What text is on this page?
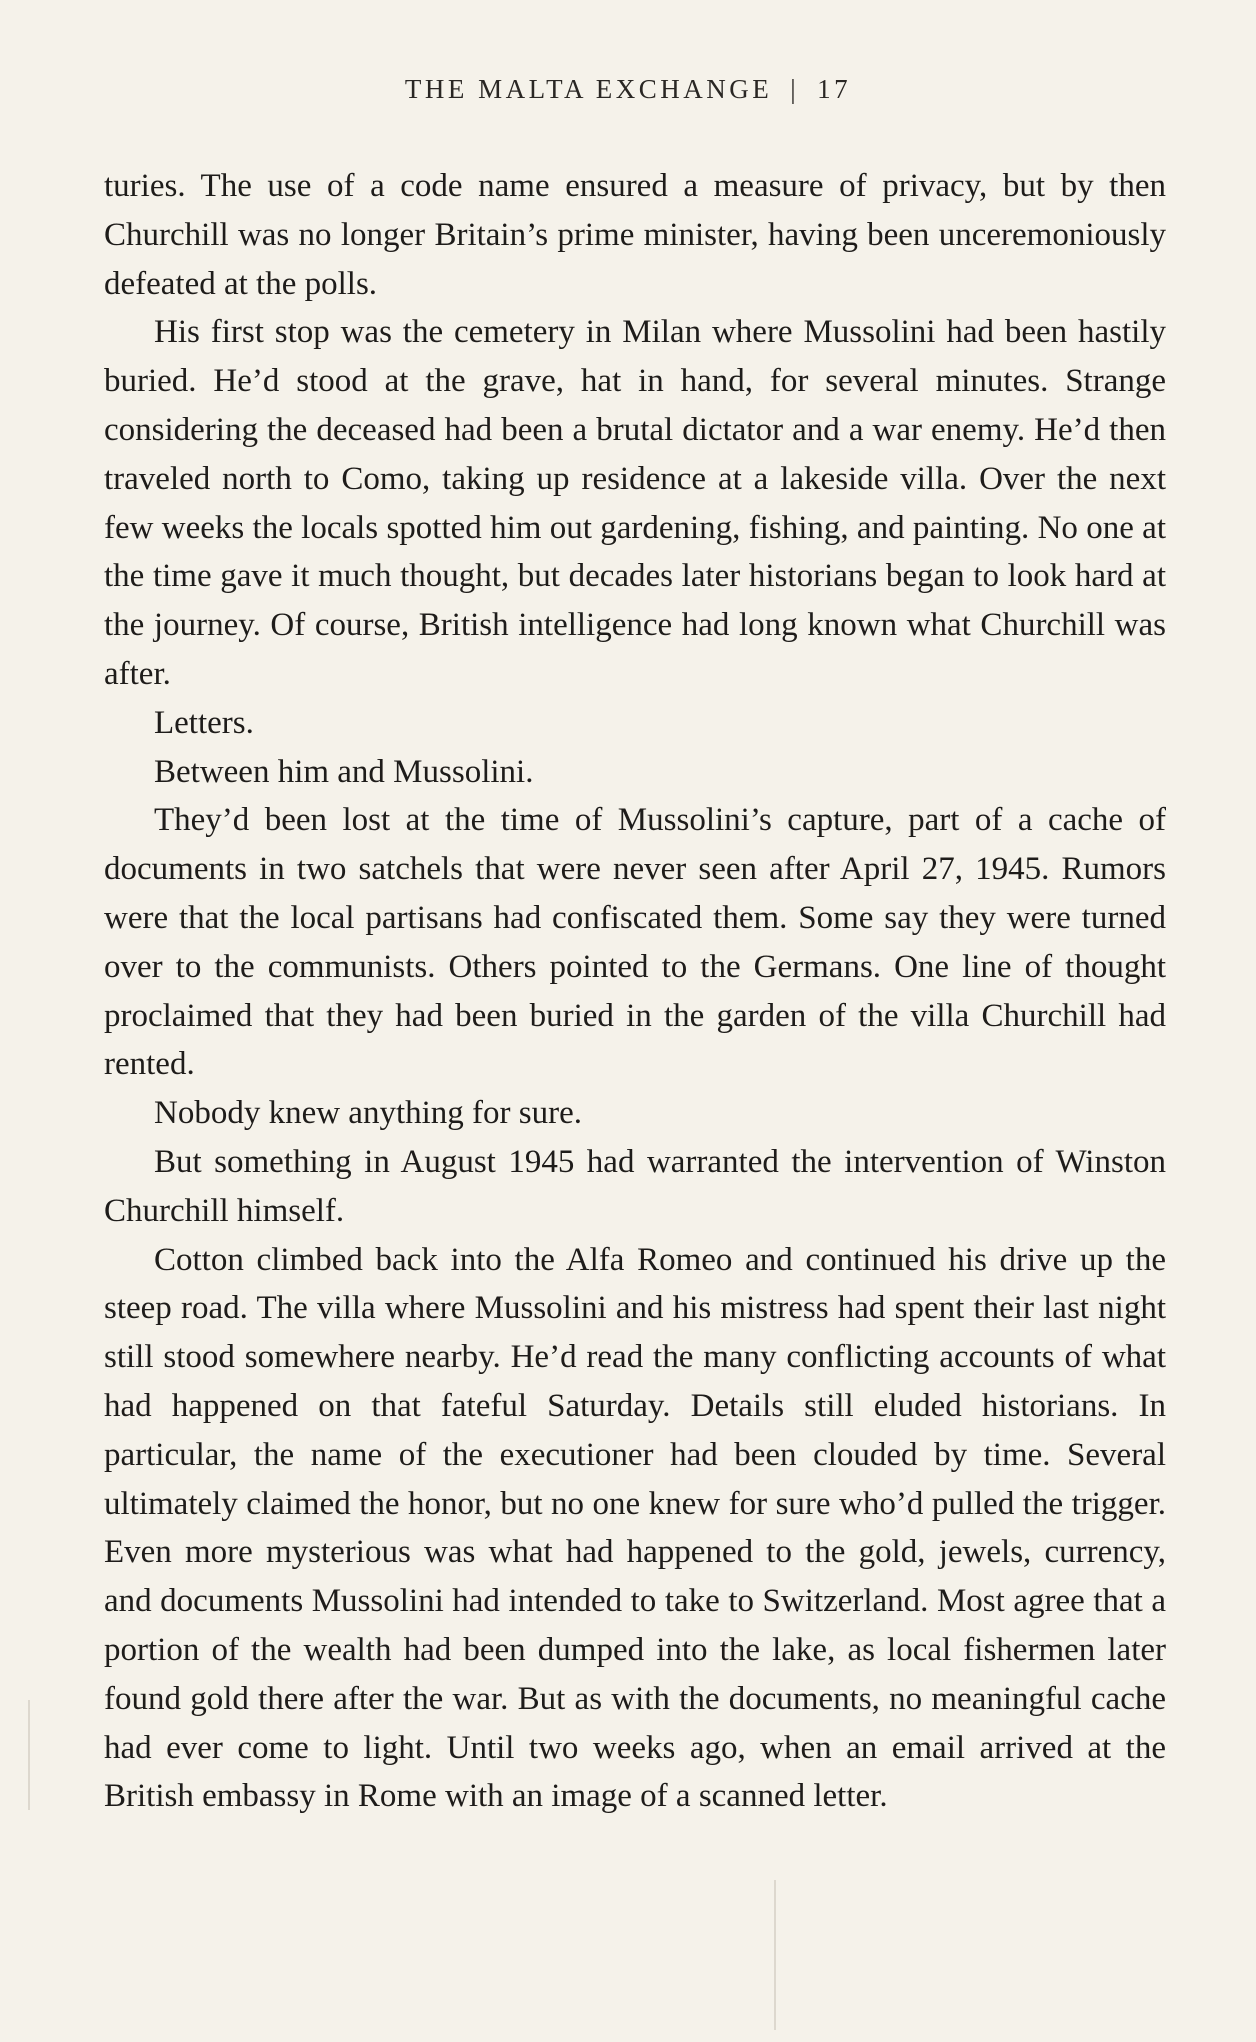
THE MALTA EXCHANGE | 17

turies. The use of a code name ensured a measure of privacy, but by then Churchill was no longer Britain’s prime minister, having been unceremoniously defeated at the polls.

His first stop was the cemetery in Milan where Mussolini had been hastily buried. He’d stood at the grave, hat in hand, for several minutes. Strange considering the deceased had been a brutal dictator and a war enemy. He’d then traveled north to Como, taking up residence at a lakeside villa. Over the next few weeks the locals spotted him out gardening, fishing, and painting. No one at the time gave it much thought, but decades later historians began to look hard at the journey. Of course, British intelligence had long known what Churchill was after.

Letters.

Between him and Mussolini.

They’d been lost at the time of Mussolini’s capture, part of a cache of documents in two satchels that were never seen after April 27, 1945. Rumors were that the local partisans had confiscated them. Some say they were turned over to the communists. Others pointed to the Germans. One line of thought proclaimed that they had been buried in the garden of the villa Churchill had rented.

Nobody knew anything for sure.

But something in August 1945 had warranted the intervention of Winston Churchill himself.

Cotton climbed back into the Alfa Romeo and continued his drive up the steep road. The villa where Mussolini and his mistress had spent their last night still stood somewhere nearby. He’d read the many conflicting accounts of what had happened on that fateful Saturday. Details still eluded historians. In particular, the name of the executioner had been clouded by time. Several ultimately claimed the honor, but no one knew for sure who’d pulled the trigger. Even more mysterious was what had happened to the gold, jewels, currency, and documents Mussolini had intended to take to Switzerland. Most agree that a portion of the wealth had been dumped into the lake, as local fishermen later found gold there after the war. But as with the documents, no meaningful cache had ever come to light. Until two weeks ago, when an email arrived at the British embassy in Rome with an image of a scanned letter.
